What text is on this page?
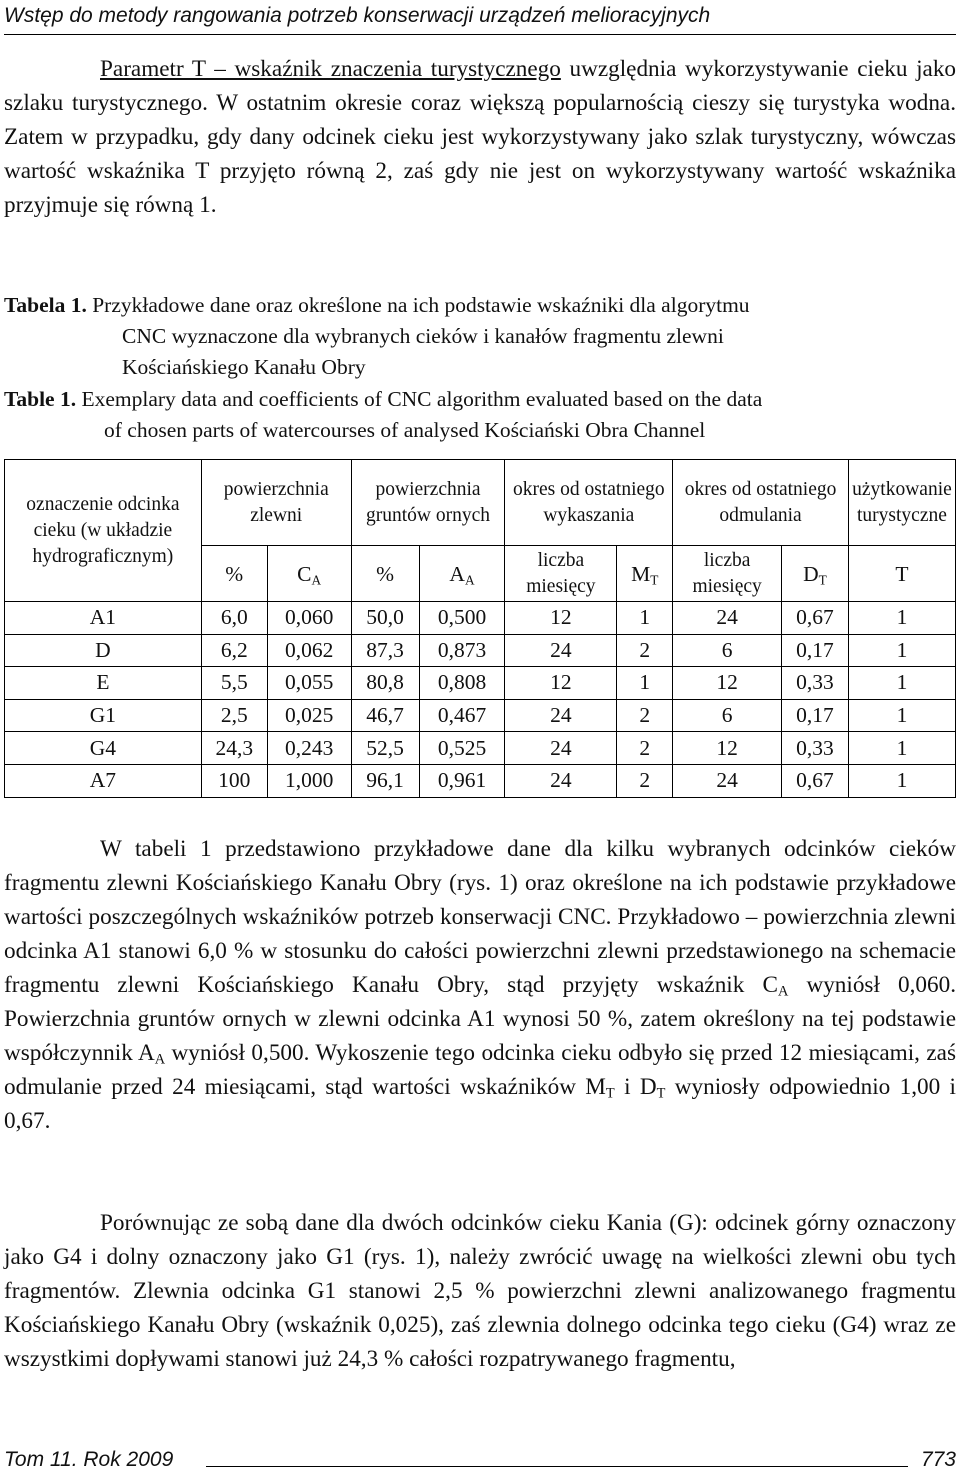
Wstęp do metody rangowania potrzeb konserwacji urządzeń melioracyjnych

Parametr T – wskaźnik znaczenia turystycznego uwzględnia wykorzystywanie cieku jako szlaku turystycznego. W ostatnim okresie coraz większą popularnością cieszy się turystyka wodna. Zatem w przypadku, gdy dany odcinek cieku jest wykorzystywany jako szlak turystyczny, wówczas wartość wskaźnika T przyjęto równą 2, zaś gdy nie jest on wykorzystywany wartość wskaźnika przyjmuje się równą 1.

Tabela 1. Przykładowe dane oraz określone na ich podstawie wskaźniki dla algorytmu
CNC wyznaczone dla wybranych cieków i kanałów fragmentu zlewni
Kościańskiego Kanału Obry

Table 1. Exemplary data and coefficients of CNC algorithm evaluated based on the data
of chosen parts of watercourses of analysed Kościański Obra Channel

oznaczenie odcinka cieku (w układzie hydrograficznym)	powierzchnia zlewni		powierzchnia gruntów ornych		okres od ostatniego wykaszania		okres od ostatniego odmulania		użytkowanie turystyczne
	%	$C_A$	%	$A_A$	liczba miesięcy	$M_T$	liczba miesięcy	$D_T$	T
A1	6,0	0,060	50,0	0,500	12	1	24	0,67	1
D	6,2	0,062	87,3	0,873	24	2	6	0,17	1
E	5,5	0,055	80,8	0,808	12	1	12	0,33	1
G1	2,5	0,025	46,7	0,467	24	2	6	0,17	1
G4	24,3	0,243	52,5	0,525	24	2	12	0,33	1
A7	100	1,000	96,1	0,961	24	2	24	0,67	1

W tabeli 1 przedstawiono przykładowe dane dla kilku wybranych odcinków cieków fragmentu zlewni Kościańskiego Kanału Obry (rys. 1) oraz określone na ich podstawie przykładowe wartości poszczególnych wskaźników potrzeb konserwacji CNC. Przykładowo – powierzchnia zlewni odcinka A1 stanowi 6,0 % w stosunku do całości powierzchni zlewni przedstawionego na schemacie fragmentu zlewni Kościańskiego Kanału Obry, stąd przyjęty wskaźnik $C_A$ wyniósł 0,060. Powierzchnia gruntów ornych w zlewni odcinka A1 wynosi 50 %, zatem określony na tej podstawie współczynnik $A_A$ wyniósł 0,500. Wykoszenie tego odcinka cieku odbyło się przed 12 miesiącami, zaś odmulanie przed 24 miesiącami, stąd wartości wskaźników $M_T$ i $D_T$ wyniosły odpowiednio 1,00 i 0,67.

Porównując ze sobą dane dla dwóch odcinków cieku Kania (G): odcinek górny oznaczony jako G4 i dolny oznaczony jako G1 (rys. 1), należy zwrócić uwagę na wielkości zlewni obu tych fragmentów. Zlewnia odcinka G1 stanowi 2,5 % powierzchni zlewni analizowanego fragmentu Kościańskiego Kanału Obry (wskaźnik 0,025), zaś zlewnia dolnego odcinka tego cieku (G4) wraz ze wszystkimi dopływami stanowi już 24,3 % całości rozpatrywanego fragmentu,

Tom 11. Rok 2009	773
